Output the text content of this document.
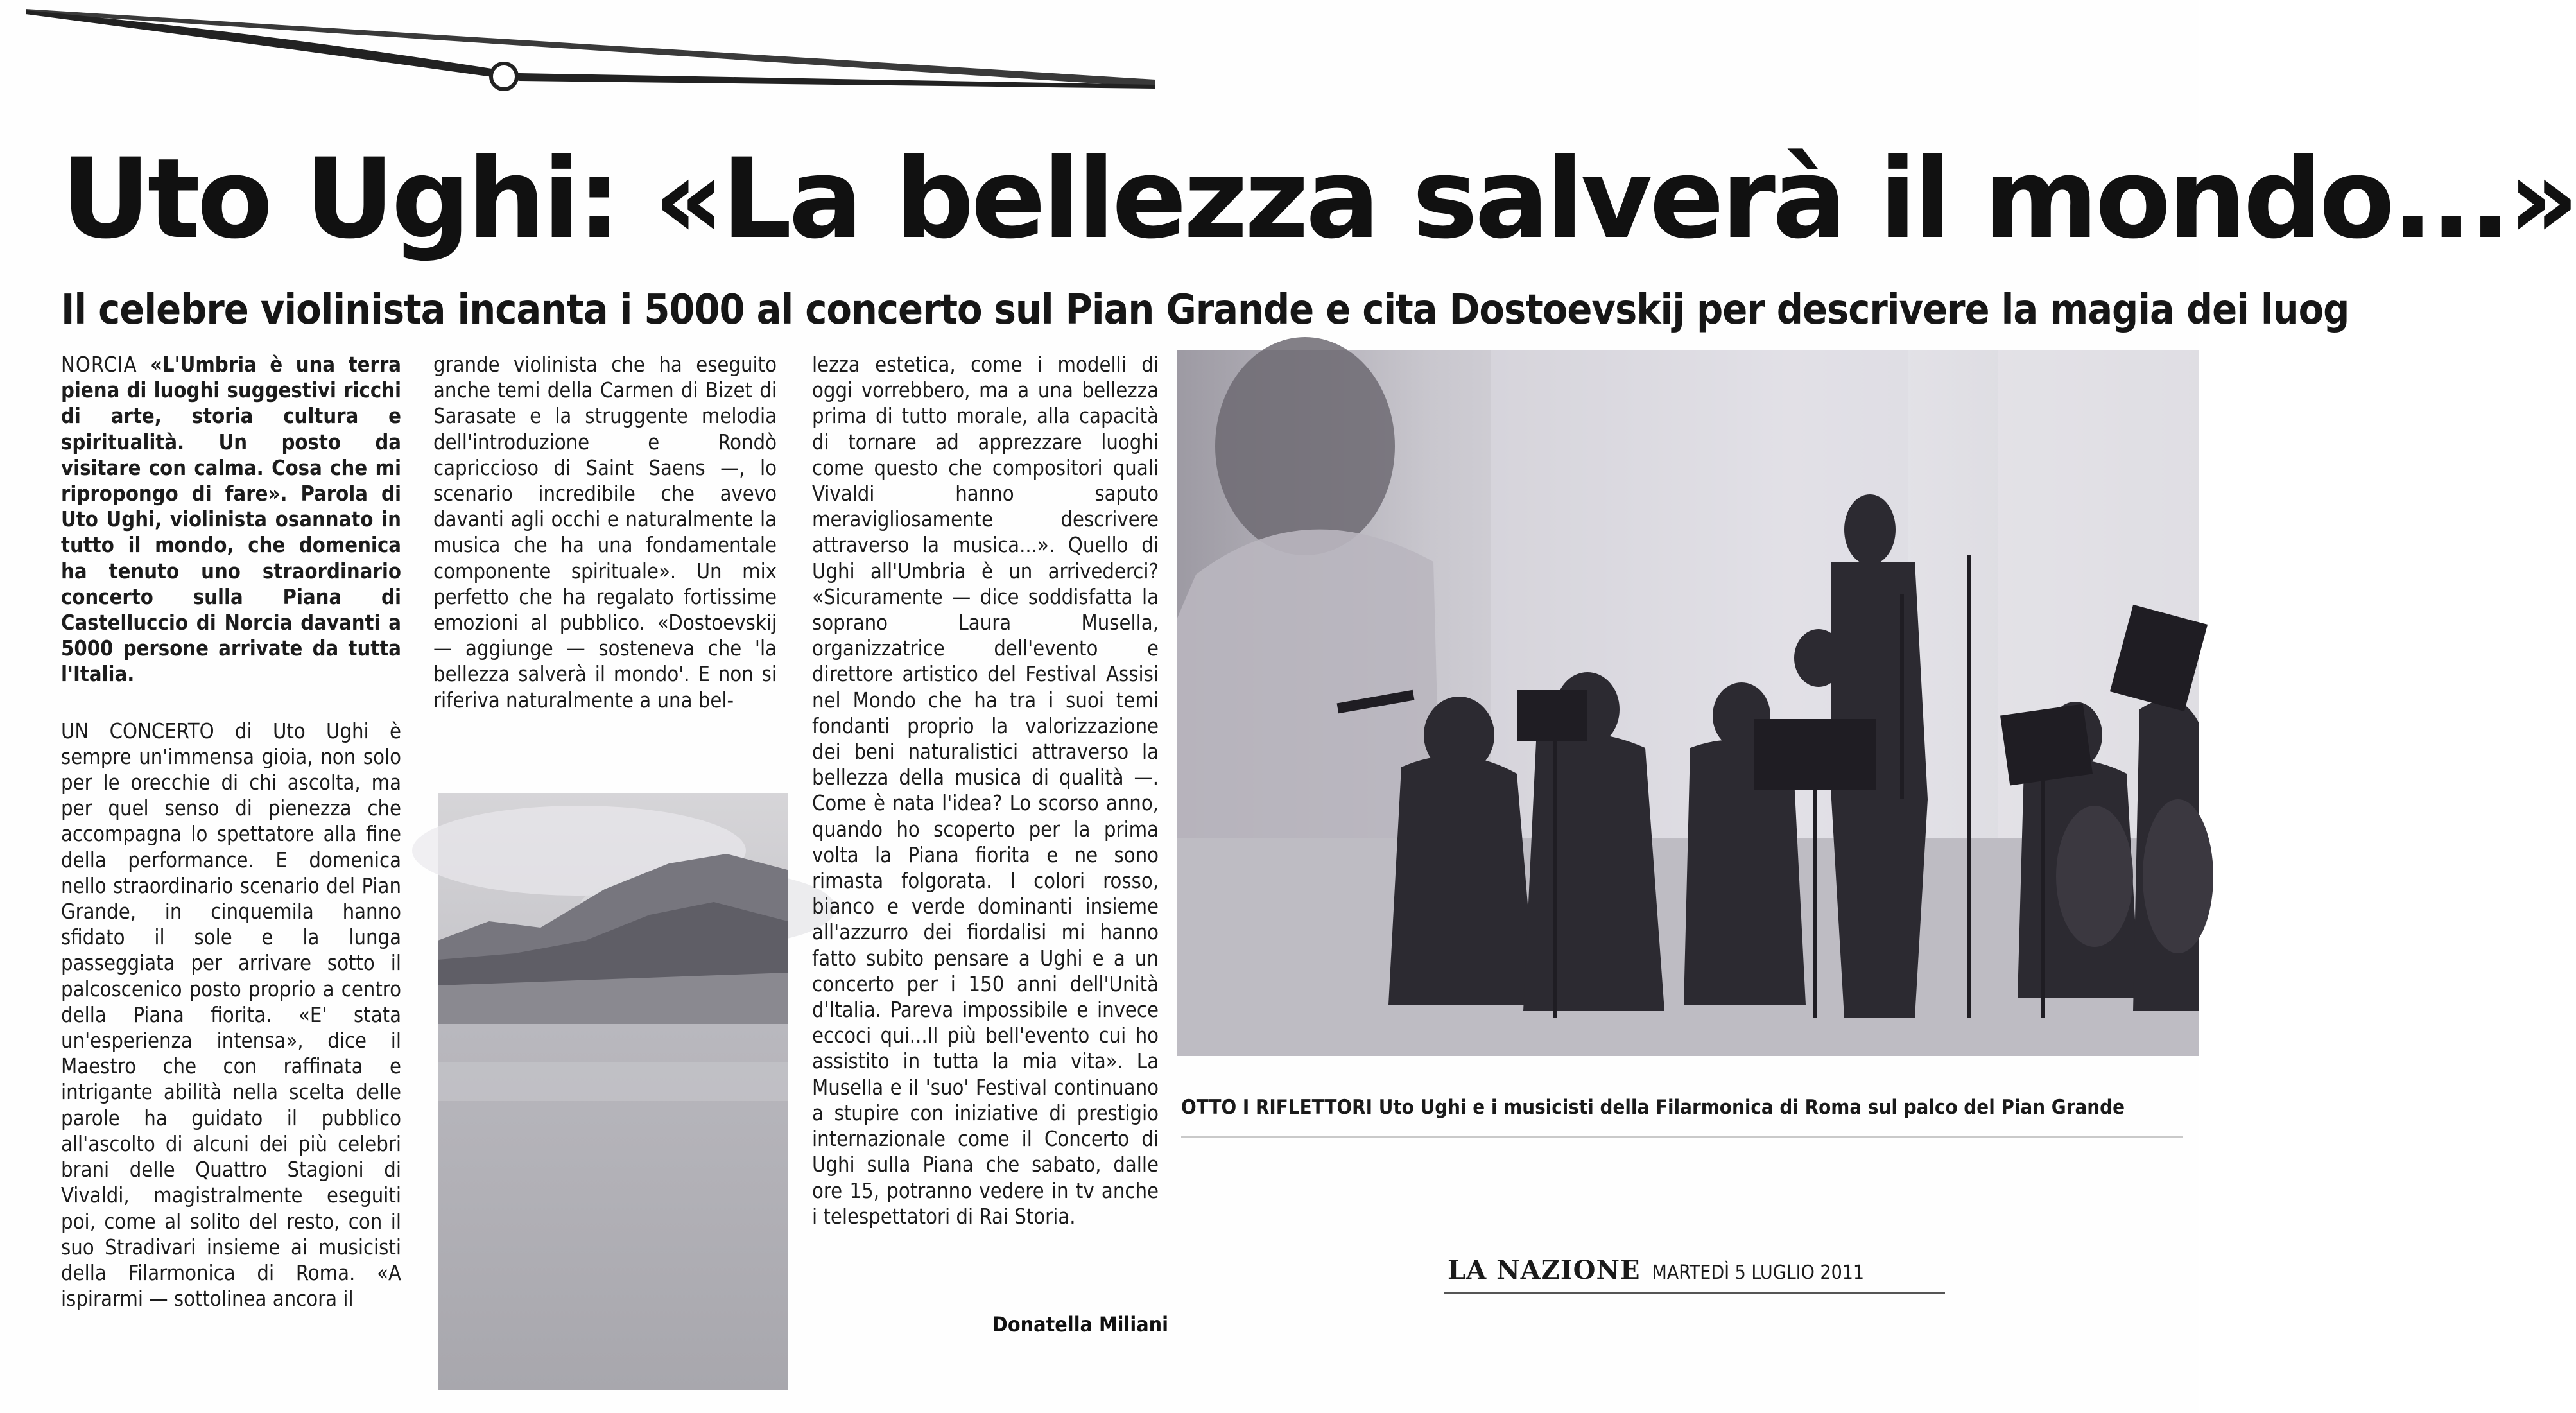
Uto Ughi: «La bellezza salverà il mondo...»
Il celebre violinista incanta i 5000 al concerto sul Pian Grande e cita Dostoevskij per descrivere la magia dei luog

NORCIA «L'Umbria è una terra piena di luoghi suggestivi ricchi di arte, storia cultura e spiritualità. Un posto da visitare con calma. Cosa che mi ripropongo di fare». Parola di Uto Ughi, violinista osannato in tutto il mondo, che domenica ha tenuto uno straordinario concerto sulla Piana di Castelluccio di Norcia davanti a 5000 persone arrivate da tutta l'Italia.

UN CONCERTO di Uto Ughi è sempre un'immensa gioia, non solo per le orecchie di chi ascolta, ma per quel senso di pienezza che accompagna lo spettatore alla fine della performance. E domenica nello straordinario scenario del Pian Grande, in cinquemila hanno sfidato il sole e la lunga passeggiata per arrivare sotto il palcoscenico posto proprio a centro della Piana fiorita. «E' stata un'esperienza intensa», dice il Maestro che con raffinata e intrigante abilità nella scelta delle parole ha guidato il pubblico all'ascolto di alcuni dei più celebri brani delle Quattro Stagioni di Vivaldi, magistralmente eseguiti poi, come al solito del resto, con il suo Stradivari insieme ai musicisti della Filarmonica di Roma. «A ispirarmi — sottolinea ancora il

grande violinista che ha eseguito anche temi della Carmen di Bizet di Sarasate e la struggente melodia dell'introduzione e Rondò capriccioso di Saint Saens —, lo scenario incredibile che avevo davanti agli occhi e naturalmente la musica che ha una fondamentale componente spirituale». Un mix perfetto che ha regalato fortissime emozioni al pubblico. «Dostoevskij — aggiunge — sosteneva che 'la bellezza salverà il mondo'. E non si riferiva naturalmente a una bel-

lezza estetica, come i modelli di oggi vorrebbero, ma a una bellezza prima di tutto morale, alla capacità di tornare ad apprezzare luoghi come questo che compositori quali Vivaldi hanno saputo meravigliosamente descrivere attraverso la musica...». Quello di Ughi all'Umbria è un arrivederci? «Sicuramente — dice soddisfatta la soprano Laura Musella, organizzatrice dell'evento e direttore artistico del Festival Assisi nel Mondo che ha tra i suoi temi fondanti proprio la valorizzazione dei beni naturalistici attraverso la bellezza della musica di qualità —. Come è nata l'idea? Lo scorso anno, quando ho scoperto per la prima volta la Piana fiorita e ne sono rimasta folgorata. I colori rosso, bianco e verde dominanti insieme all'azzurro dei fiordalisi mi hanno fatto subito pensare a Ughi e a un concerto per i 150 anni dell'Unità d'Italia. Pareva impossibile e invece eccoci qui...Il più bell'evento cui ho assistito in tutta la mia vita». La Musella e il 'suo' Festival continuano a stupire con iniziative di prestigio internazionale come il Concerto di Ughi sulla Piana che sabato, dalle ore 15, potranno vedere in tv anche i telespettatori di Rai Storia.

Donatella Miliani
OTTO I RIFLETTORI Uto Ughi e i musicisti della Filarmonica di Roma sul palco del Pian Grande
LA NAZIONE MARTEDÌ 5 LUGLIO 2011
